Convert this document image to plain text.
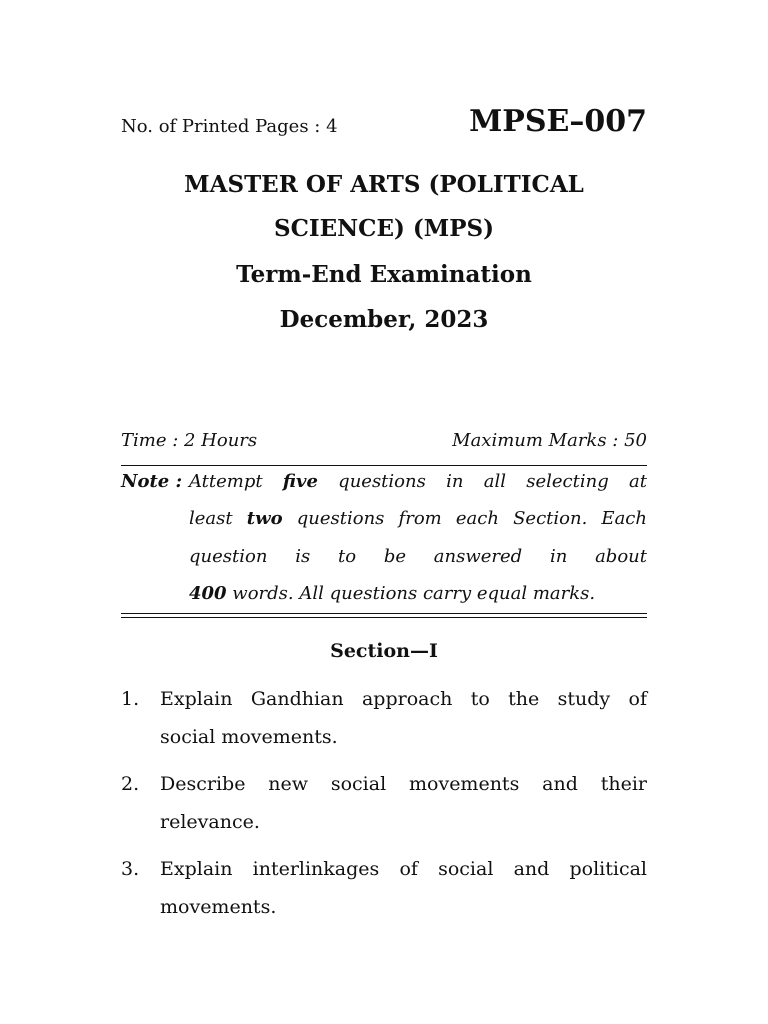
No. of Printed Pages : 4	MPSE–007
MASTER OF ARTS (POLITICAL
SCIENCE) (MPS)
Term-End Examination
December, 2023
Time : 2 Hours	Maximum Marks : 50
Note : Attempt five questions in all selecting at
least two questions from each Section. Each
question is to be answered in about
400 words. All questions carry equal marks.
Section—I
1. Explain Gandhian approach to the study of
social movements.
2. Describe new social movements and their
relevance.
3. Explain interlinkages of social and political
movements.
